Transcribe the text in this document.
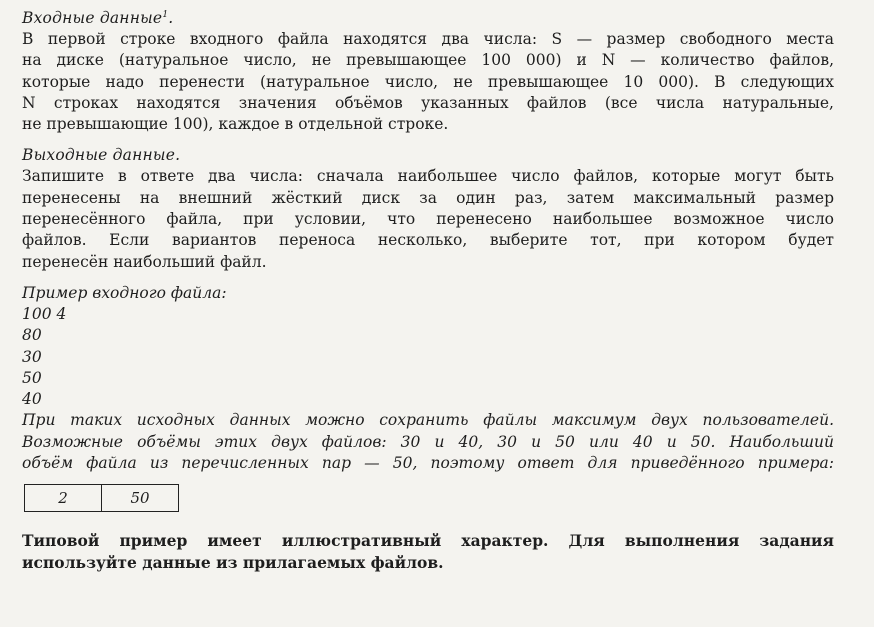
Входные данные$^1$.

В первой строке входного файла находятся два числа: S — размер свободного места
на диске (натуральное число, не превышающее 100 000) и N — количество файлов,
которые надо перенести (натуральное число, не превышающее 10 000). В следующих
N строках находятся значения объёмов указанных файлов (все числа натуральные,
не превышающие 100), каждое в отдельной строке.

Выходные данные.

Запишите в ответе два числа: сначала наибольшее число файлов, которые могут быть
перенесены на внешний жёсткий диск за один раз, затем максимальный размер
перенесённого файла, при условии, что перенесено наибольшее возможное число
файлов. Если вариантов переноса несколько, выберите тот, при котором будет
перенесён наибольший файл.

Пример входного файла:

100 4

80

30

50

40

При таких исходных данных можно сохранить файлы максимум двух пользователей.
Возможные объёмы этих двух файлов: 30 и 40, 30 и 50 или 40 и 50. Наибольший
объём файла из перечисленных пар — 50, поэтому ответ для приведённого примера:

2	50

Типовой пример имеет иллюстративный характер. Для выполнения задания
используйте данные из прилагаемых файлов.
